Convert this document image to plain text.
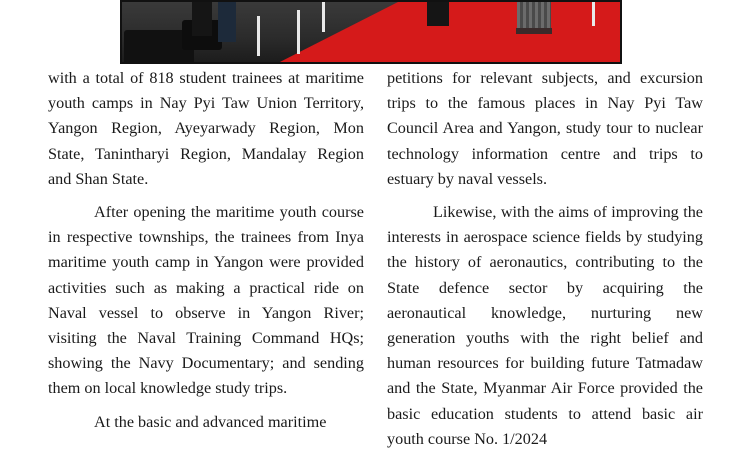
with a total of 818 student trainees at maritime youth camps in Nay Pyi Taw Union Territory, Yangon Region, Ayeyarwady Region, Mon State, Tanintharyi Region, Mandalay Region and Shan State.

After opening the maritime youth course in respective townships, the trainees from Inya maritime youth camp in Yangon were provided activities such as making a practical ride on Naval vessel to observe in Yangon River; visiting the Naval Training Command HQs; showing the Navy Documentary; and sending them on local knowledge study trips.

At the basic and advanced maritime

petitions for relevant subjects, and excursion trips to the famous places in Nay Pyi Taw Council Area and Yangon, study tour to nuclear technology information centre and trips to estuary by naval vessels.

Likewise, with the aims of improving the interests in aerospace science fields by studying the history of aeronautics, contributing to the State defence sector by acquiring the aeronautical knowledge, nurturing new generation youths with the right belief and human resources for building future Tatmadaw and the State, Myanmar Air Force provided the basic education students to attend basic air youth course No. 1/2024
